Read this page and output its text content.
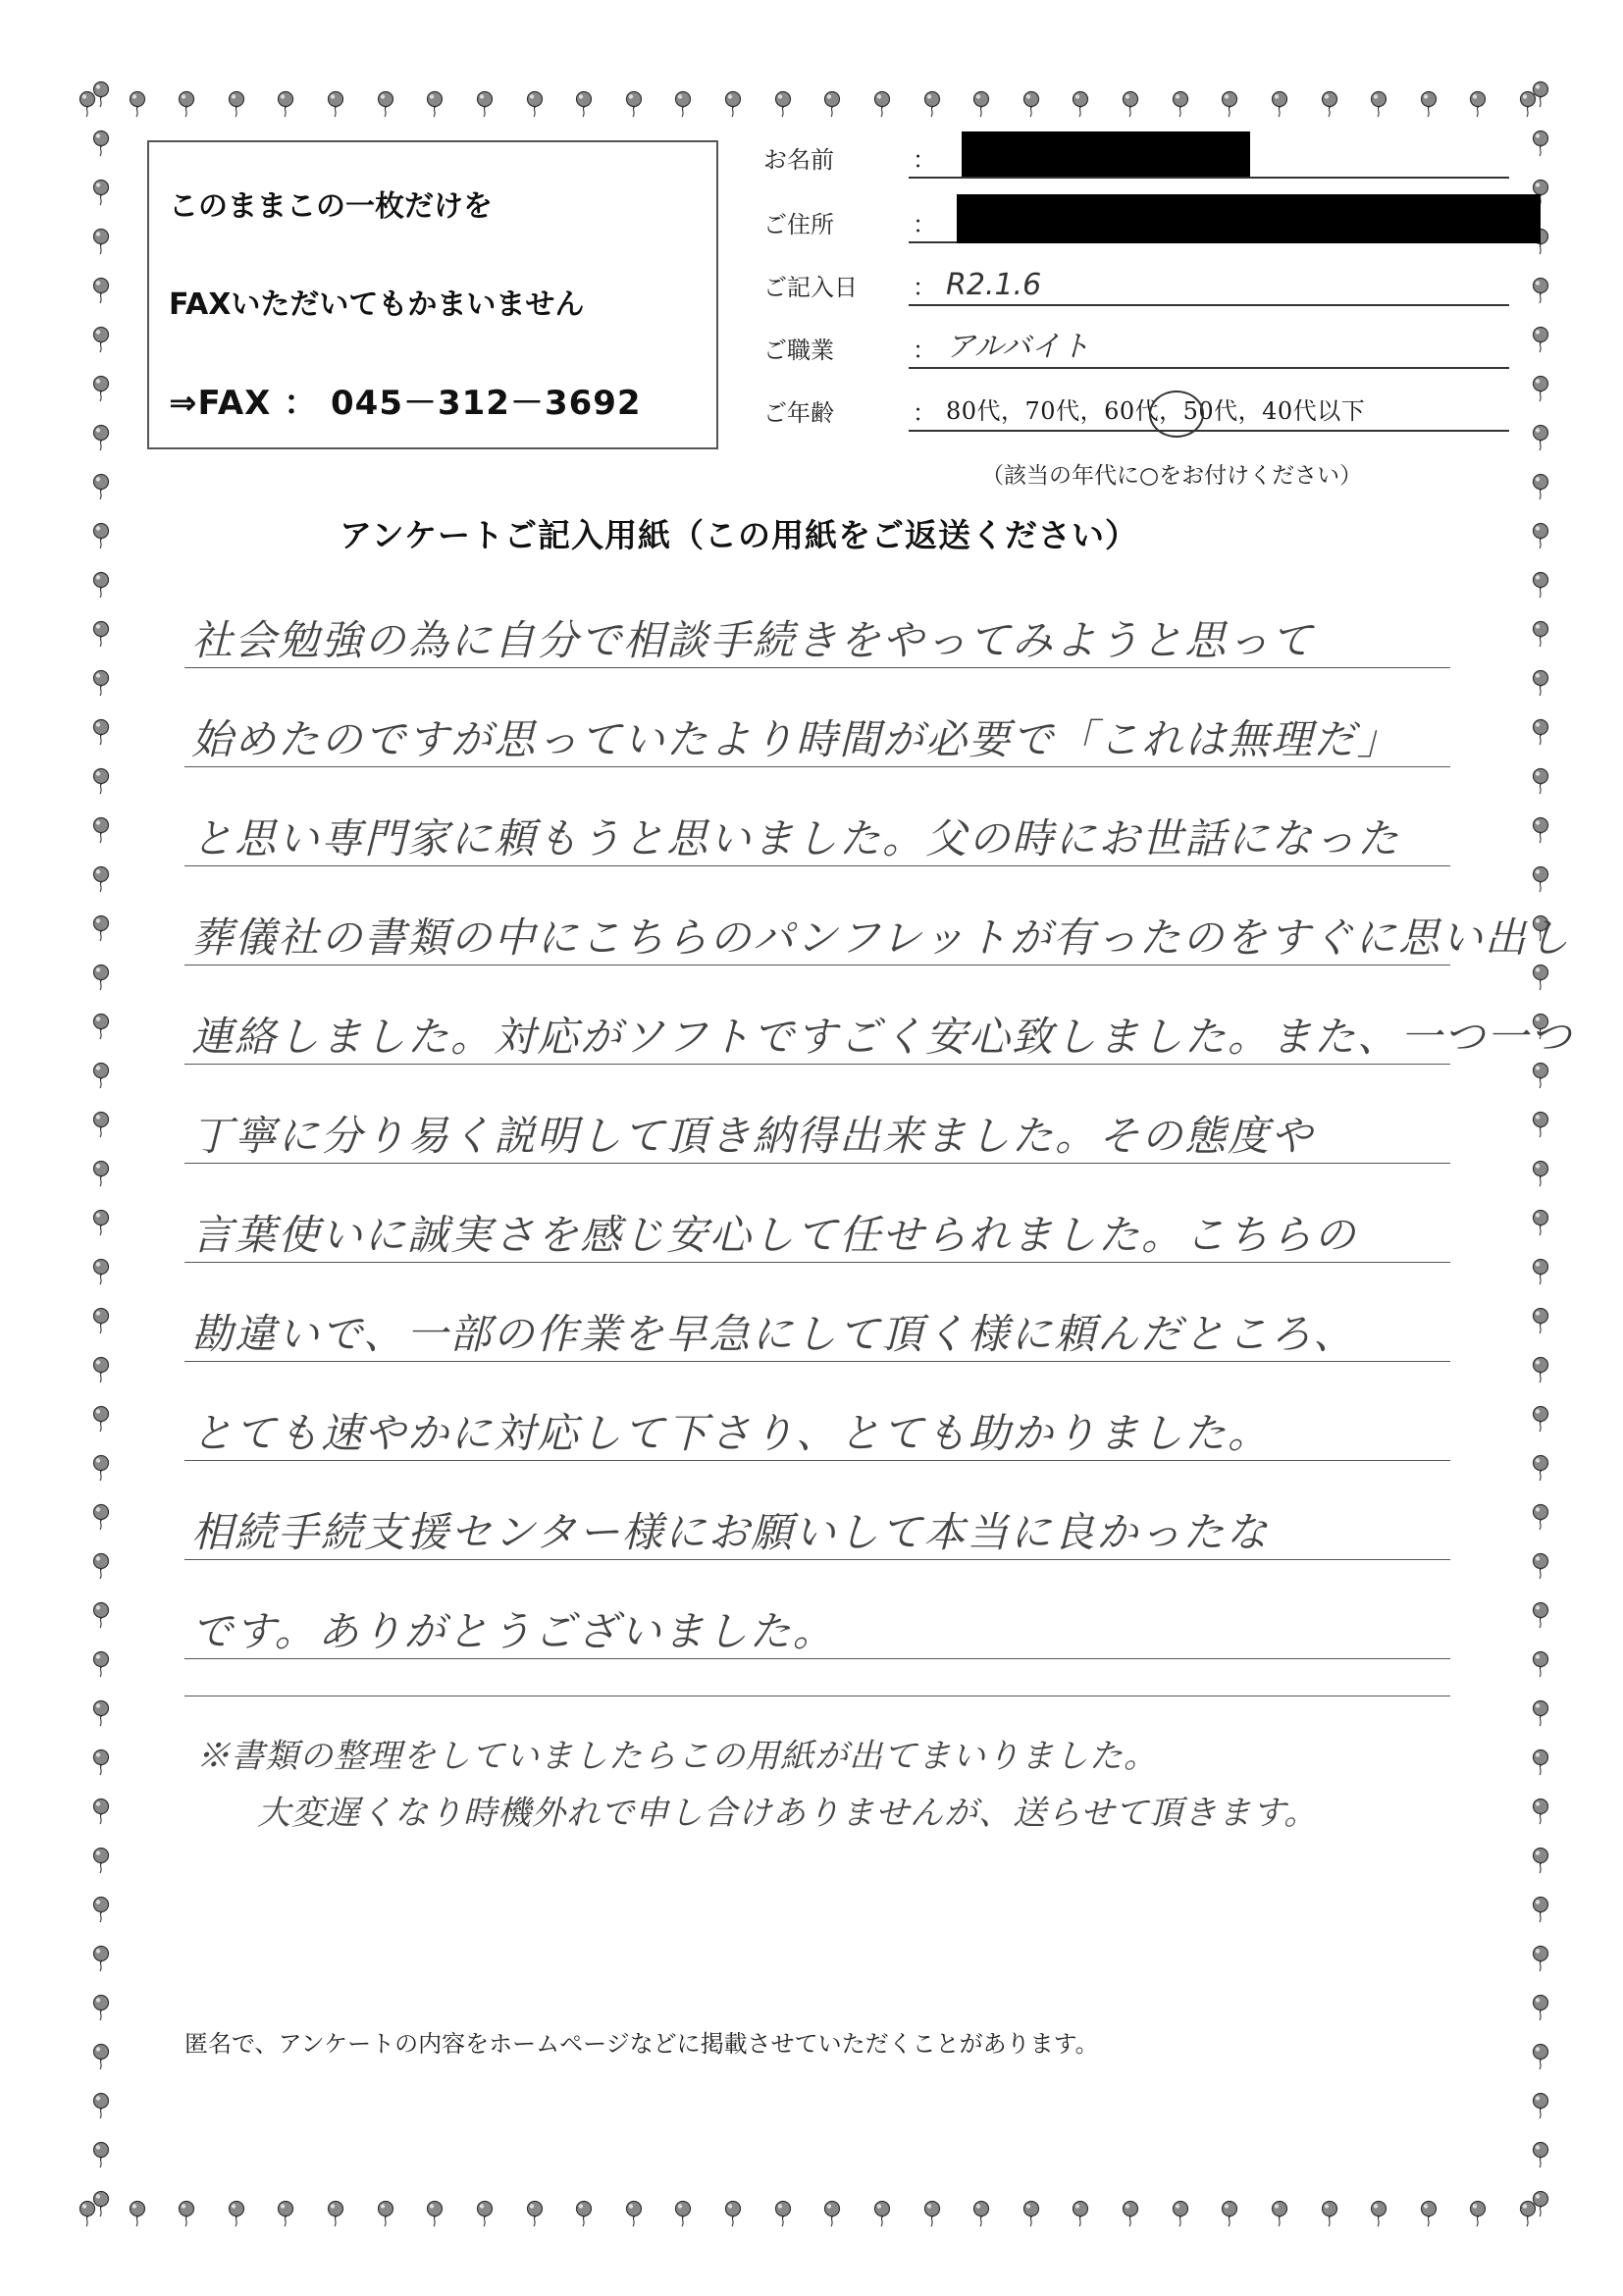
このままこの一枚だけを
FAXいただいてもかまいません
⇒FAX ： 045－312－3692
お名前	：
ご住所	：
ご記入日 ： R2.1.6
ご職業	： アルバイト
ご年齢	： 80代，70代，60代，50代，40代以下
（該当の年代に○をお付けください）
アンケートご記入用紙（この用紙をご返送ください）
社会勉強の為に自分で相談手続きをやってみようと思って
始めたのですが思っていたより時間が必要で「これは無理だ」
と思い専門家に頼もうと思いました。父の時にお世話になった
葬儀社の書類の中にこちらのパンフレットが有ったのをすぐに思い出し
連絡しました。対応がソフトですごく安心致しました。また、一つ一つ
丁寧に分り易く説明して頂き納得出来ました。その態度や
言葉使いに誠実さを感じ安心して任せられました。こちらの
勘違いで、一部の作業を早急にして頂く様に頼んだところ、
とても速やかに対応して下さり、とても助かりました。
相続手続支援センター様にお願いして本当に良かったな
です。ありがとうございました。
※書類の整理をしていましたらこの用紙が出てまいりました。
大変遅くなり時機外れで申し合けありませんが、送らせて頂きます。
匿名で、アンケートの内容をホームページなどに掲載させていただくことがあります。
